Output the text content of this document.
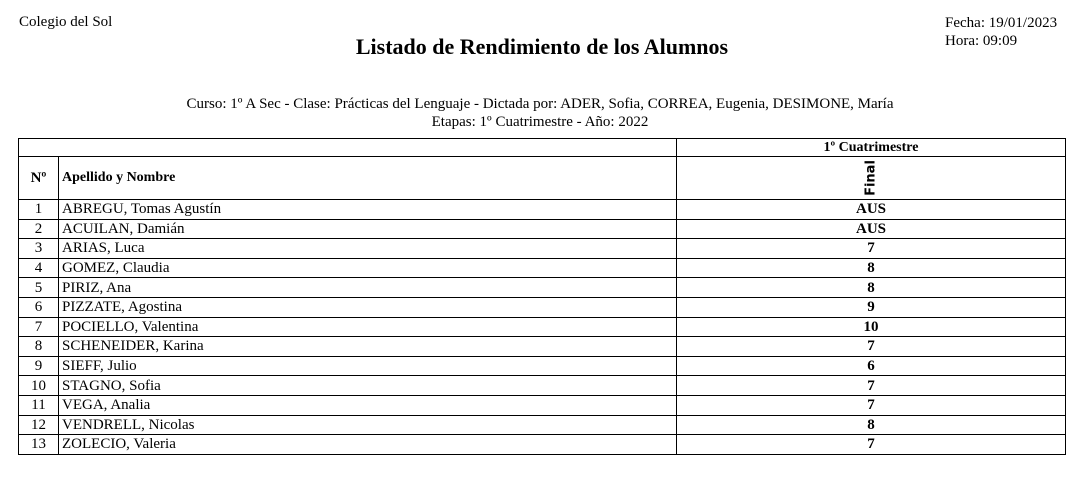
Colegio del Sol	Fecha: 19/01/2023
Hora: 09:09
Listado de Rendimiento de los Alumnos
Curso: 1º A Sec - Clase: Prácticas del Lenguaje - Dictada por: ADER, Sofia, CORREA, Eugenia, DESIMONE, María
Etapas: 1º Cuatrimestre - Año: 2022
		1º Cuatrimestre
Nº	Apellido y Nombre	Final

1	ABREGU, Tomas Agustín	AUS
2	ACUILAN, Damián	AUS
3	ARIAS, Luca	7
4	GOMEZ, Claudia	8
5	PIRIZ, Ana	8
6	PIZZATE, Agostina	9
7	POCIELLO, Valentina	10
8	SCHENEIDER, Karina	7
9	SIEFF, Julio	6
10	STAGNO, Sofia	7
11	VEGA, Analia	7
12	VENDRELL, Nicolas	8
13	ZOLECIO, Valeria	7
